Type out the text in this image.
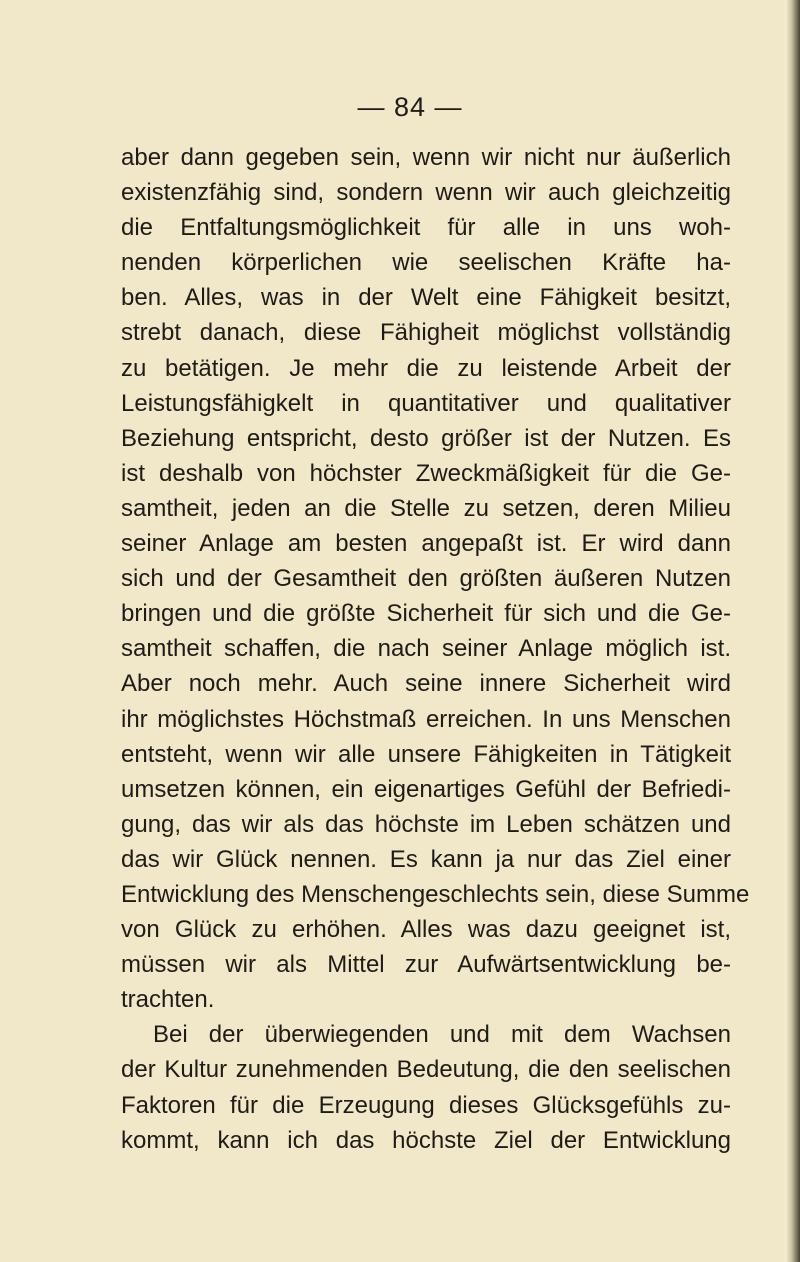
— 84 —
aber dann gegeben sein, wenn wir nicht nur äußerlich
existenzfähig sind, sondern wenn wir auch gleichzeitig
die Entfaltungsmöglichkeit für alle in uns woh-
nenden körperlichen wie seelischen Kräfte ha-
ben. Alles, was in der Welt eine Fähigkeit besitzt,
strebt danach, diese Fähigheit möglichst vollständig
zu betätigen. Je mehr die zu leistende Arbeit der
Leistungsfähigkelt in quantitativer und qualitativer
Beziehung entspricht, desto größer ist der Nutzen. Es
ist deshalb von höchster Zweckmäßigkeit für die Ge-
samtheit, jeden an die Stelle zu setzen, deren Milieu
seiner Anlage am besten angepaßt ist. Er wird dann
sich und der Gesamtheit den größten äußeren Nutzen
bringen und die größte Sicherheit für sich und die Ge-
samtheit schaffen, die nach seiner Anlage möglich ist.
Aber noch mehr. Auch seine innere Sicherheit wird
ihr möglichstes Höchstmaß erreichen. In uns Menschen
entsteht, wenn wir alle unsere Fähigkeiten in Tätigkeit
umsetzen können, ein eigenartiges Gefühl der Befriedi-
gung, das wir als das höchste im Leben schätzen und
das wir Glück nennen. Es kann ja nur das Ziel einer
Entwicklung des Menschengeschlechts sein, diese Summe
von Glück zu erhöhen. Alles was dazu geeignet ist,
müssen wir als Mittel zur Aufwärtsentwicklung be-
trachten.
Bei der überwiegenden und mit dem Wachsen
der Kultur zunehmenden Bedeutung, die den seelischen
Faktoren für die Erzeugung dieses Glücksgefühls zu-
kommt, kann ich das höchste Ziel der Entwicklung
